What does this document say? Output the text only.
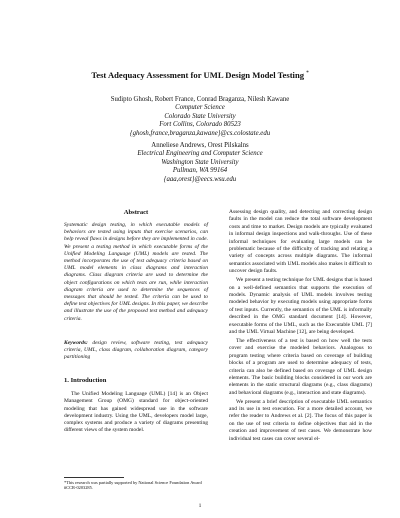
Test Adequacy Assessment for UML Design Model Testing *
Sudipto Ghosh, Robert France, Conrad Braganza, Nilesh Kawane
Computer Science
Colorado State University
Fort Collins, Colorado 80523
{ghosh,france,braganza,kawane}@cs.colostate.edu
Anneliese Andrews, Orest Pilskalns
Electrical Engineering and Computer Science
Washington State University
Pullman, WA 99164
{aaa,orest}@eecs.wsu.edu
Abstract
Systematic design testing, in which executable models of behaviors are tested using inputs that exercise scenarios, can help reveal flaws in designs before they are implemented in code. We present a testing method in which executable forms of the Unified Modeling Language (UML) models are tested. The method incorporates the use of test adequacy criteria based on UML model elements in class diagrams and interaction diagrams. Class diagram criteria are used to determine the object configurations on which tests are run, while interaction diagram criteria are used to determine the sequences of messages that should be tested. The criteria can be used to define test objectives for UML designs. In this paper, we describe and illustrate the use of the proposed test method and adequacy criteria.
Keywords: design review, software testing, test adequacy criteria, UML, class diagram, collaboration diagram, category partitioning
1. Introduction
The Unified Modeling Language (UML) [14] is an Object Management Group (OMG) standard for object-oriented modeling that has gained widespread use in the software development industry. Using the UML, developers model large, complex systems and produce a variety of diagrams presenting different views of the system model.
*This research was partially supported by National Science Foundation Award #CCR-0203285.

Assessing design quality, and detecting and correcting design faults in the model can reduce the total software development costs and time to market. Design models are typically evaluated in informal design inspections and walk-throughs. Use of these informal techniques for evaluating large models can be problematic because of the difficulty of tracking and relating a variety of concepts across multiple diagrams. The informal semantics associated with UML models also makes it difficult to uncover design faults.

We present a testing technique for UML designs that is based on a well-defined semantics that supports the execution of models. Dynamic analysis of UML models involves testing modeled behavior by executing models using appropriate forms of test inputs. Currently, the semantics of the UML is informally described in the OMG standard document [14]. However, executable forms of the UML, such as the Executable UML [7] and the UML Virtual Machine [12], are being developed.

The effectiveness of a test is based on how well the tests cover and exercise the modeled behaviors. Analogous to program testing where criteria based on coverage of building blocks of a program are used to determine adequacy of tests, criteria can also be defined based on coverage of UML design elements. The basic building blocks considered in our work are elements in the static structural diagrams (e.g., class diagrams) and behavioral diagrams (e.g., interaction and state diagrams).

We present a brief description of executable UML semantics and its use in test execution. For a more detailed account, we refer the reader to Andrews et al. [2]. The focus of this paper is on the use of test criteria to define objectives that aid in the creation and improvement of test cases. We demonstrate how individual test cases can cover several el-

1
